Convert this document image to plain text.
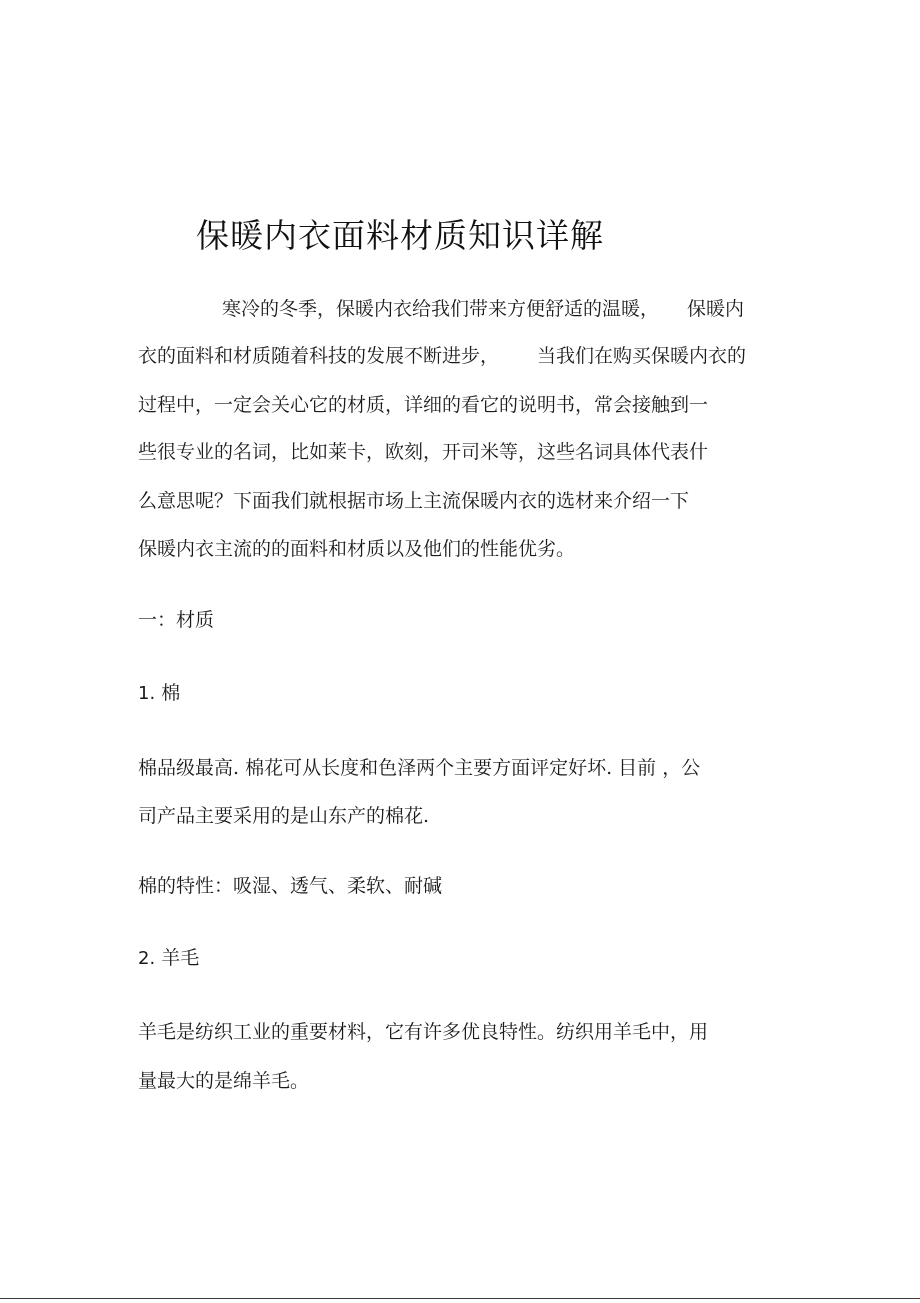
保暖内衣面料材质知识详解
寒冷的冬季，保暖内衣给我们带来方便舒适的温暖， 保暖内
衣的面料和材质随着科技的发展不断进步， 当我们在购买保暖内衣的
过程中，一定会关心它的材质，详细的看它的说明书，常会接触到一
些很专业的名词，比如莱卡，欧刻，开司米等，这些名词具体代表什
么意思呢？下面我们就根据市场上主流保暖内衣的选材来介绍一下
保暖内衣主流的的面料和材质以及他们的性能优劣。
一：材质
1. 棉
棉品级最高. 棉花可从长度和色泽两个主要方面评定好坏. 目前 ，公
司产品主要采用的是山东产的棉花.
棉的特性：吸湿、透气、柔软、耐碱
2. 羊毛
羊毛是纺织工业的重要材料，它有许多优良特性。纺织用羊毛中，用
量最大的是绵羊毛。
